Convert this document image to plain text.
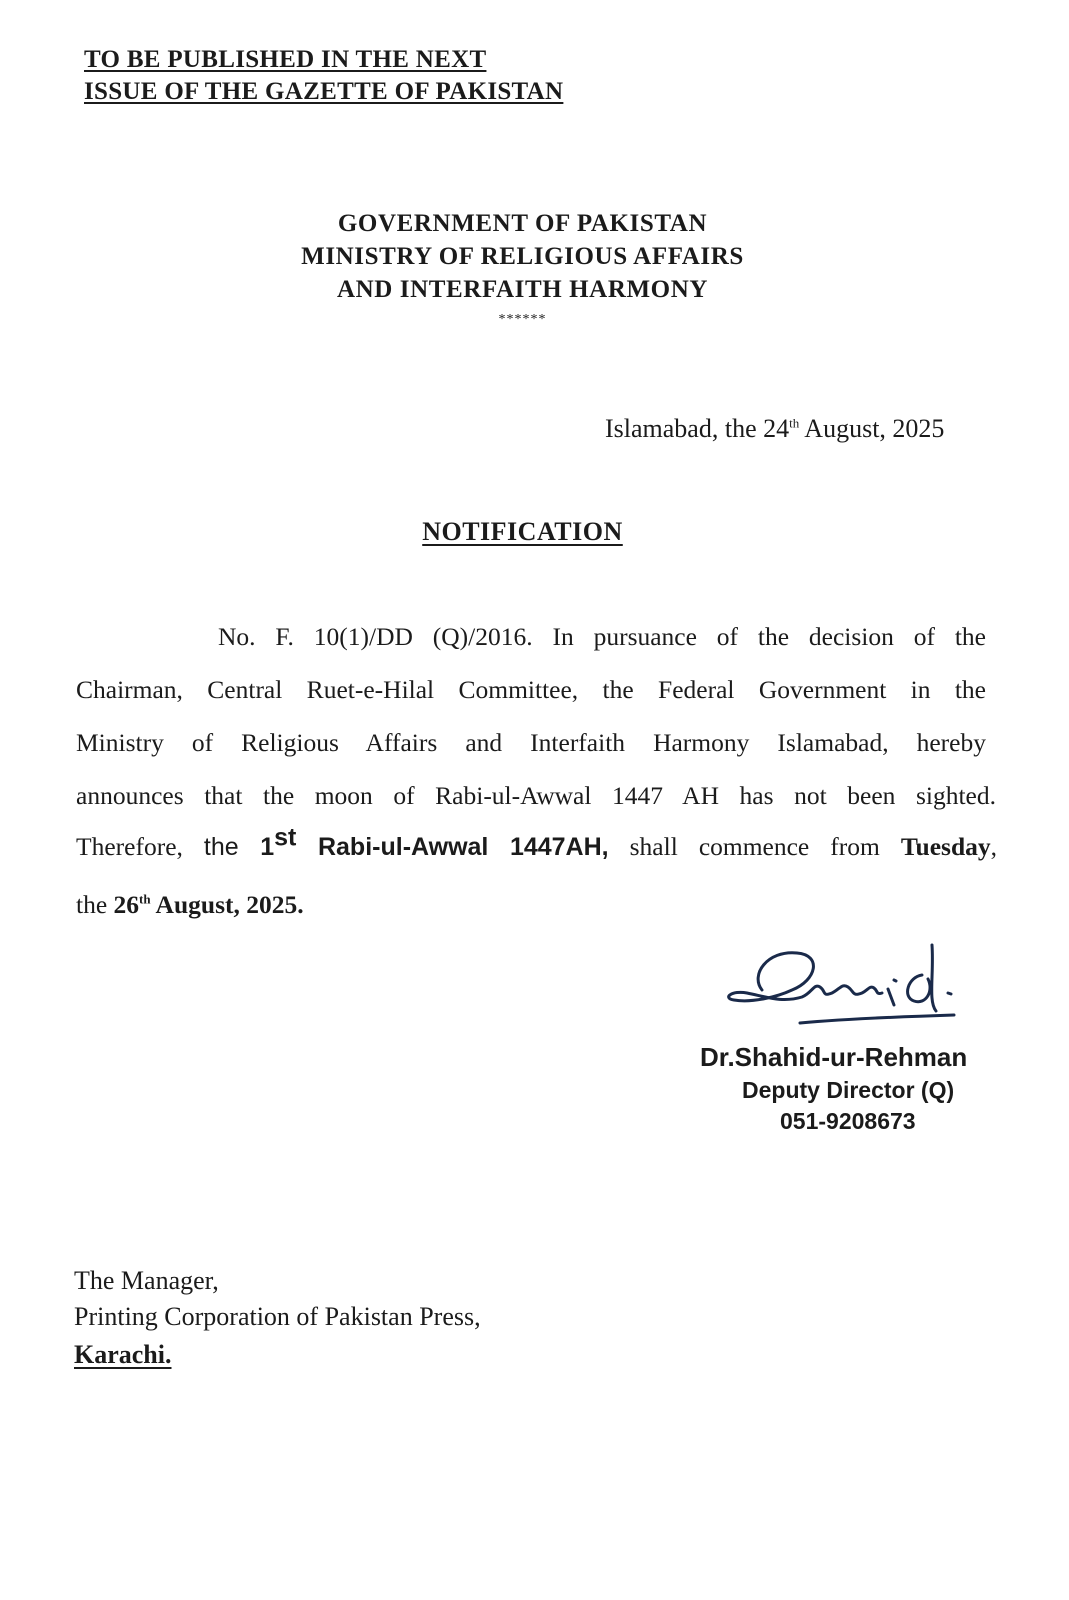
TO BE PUBLISHED IN THE NEXT
ISSUE OF THE GAZETTE OF PAKISTAN
GOVERNMENT OF PAKISTAN
MINISTRY OF RELIGIOUS AFFAIRS
AND INTERFAITH HARMONY
******
Islamabad, the 24th August, 2025
NOTIFICATION
No. F. 10(1)/DD (Q)/2016. In pursuance of the decision of the
Chairman, Central Ruet-e-Hilal Committee, the Federal Government in the
Ministry of Religious Affairs and Interfaith Harmony Islamabad, hereby
announces that the moon of Rabi-ul-Awwal 1447 AH has not been sighted.
Therefore, the 1st Rabi-ul-Awwal 1447AH, shall commence from Tuesday,
the 26th August, 2025.
Dr.Shahid-ur-Rehman
Deputy Director (Q)
051-9208673
The Manager,
Printing Corporation of Pakistan Press,
Karachi.
